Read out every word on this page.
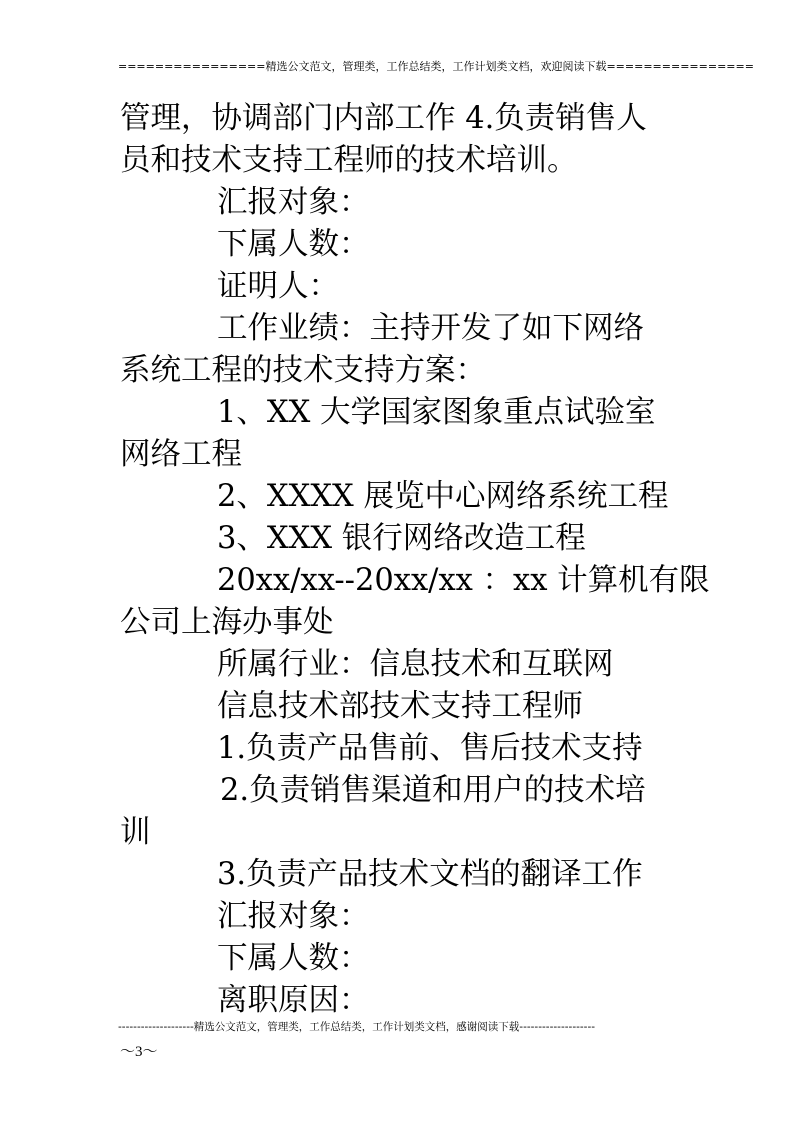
================精选公文范文，管理类，工作总结类，工作计划类文档，欢迎阅读下载================
管理，协调部门内部工作 4.负责销售人
员和技术支持工程师的技术培训。
汇报对象：
下属人数：
证明人：
工作业绩：主持开发了如下网络
系统工程的技术支持方案：
1、XX 大学国家图象重点试验室
网络工程
2、XXXX 展览中心网络系统工程
3、XXX 银行网络改造工程
20xx/xx--20xx/xx ：xx 计算机有限
公司上海办事处
所属行业：信息技术和互联网
信息技术部技术支持工程师
1.负责产品售前、售后技术支持
2.负责销售渠道和用户的技术培
训
3.负责产品技术文档的翻译工作
汇报对象：
下属人数：
离职原因：
--------------------精选公文范文，管理类，工作总结类，工作计划类文档，感谢阅读下载--------------------
～3～
